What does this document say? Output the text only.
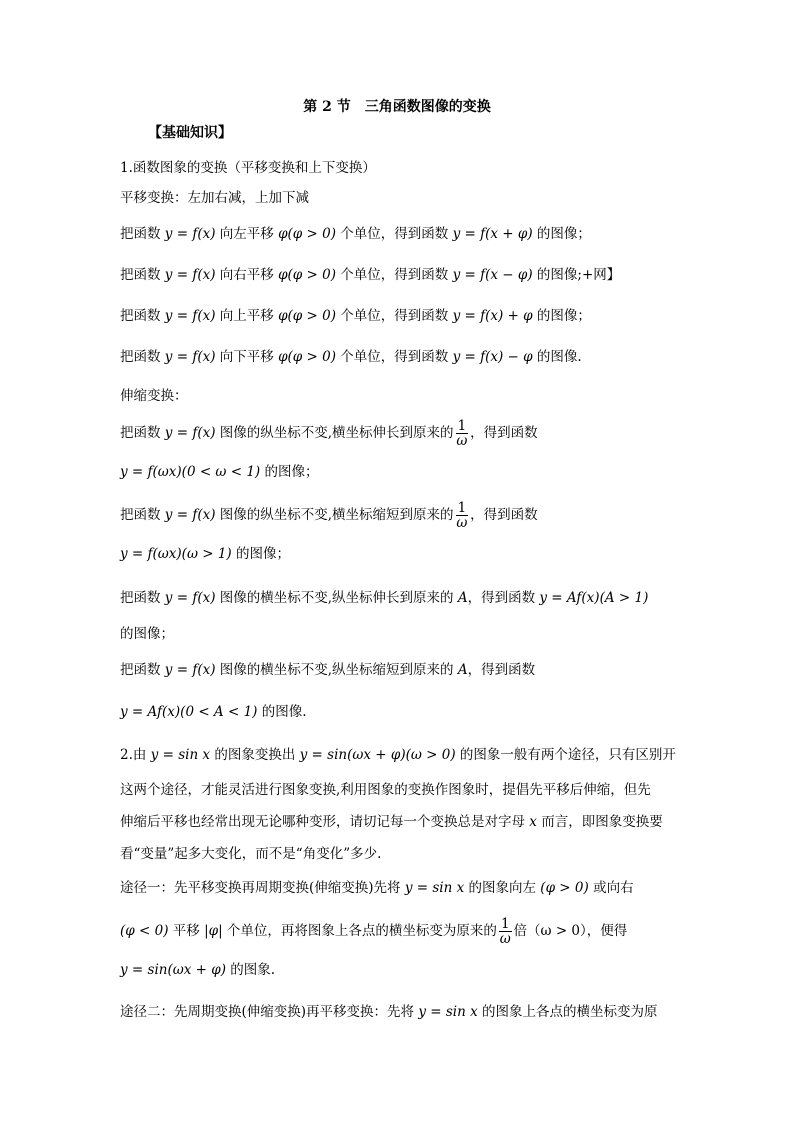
第 2 节　三角函数图像的变换
【基础知识】
1.函数图象的变换（平移变换和上下变换）
平移变换：左加右减，上加下减
把函数 y = f(x) 向左平移 φ(φ > 0) 个单位，得到函数 y = f(x + φ) 的图像；
把函数 y = f(x) 向右平移 φ(φ > 0) 个单位，得到函数 y = f(x − φ) 的图像;+网】
把函数 y = f(x) 向上平移 φ(φ > 0) 个单位，得到函数 y = f(x) + φ 的图像；
把函数 y = f(x) 向下平移 φ(φ > 0) 个单位，得到函数 y = f(x) − φ 的图像.
伸缩变换：
把函数 y = f(x) 图像的纵坐标不变,横坐标伸长到原来的 $\frac{1}{\omega}$ ，得到函数
y = f(ωx)(0 < ω < 1) 的图像；
把函数 y = f(x) 图像的纵坐标不变,横坐标缩短到原来的 $\frac{1}{\omega}$ ，得到函数
y = f(ωx)(ω > 1) 的图像；
把函数 y = f(x) 图像的横坐标不变,纵坐标伸长到原来的 A，得到函数 y = Af(x)(A > 1)
的图像；
把函数 y = f(x) 图像的横坐标不变,纵坐标缩短到原来的 A，得到函数
y = Af(x)(0 < A < 1) 的图像.
2.由 y = sin x 的图象变换出 y = sin(ωx + φ)(ω > 0) 的图象一般有两个途径，只有区别开
这两个途径，才能灵活进行图象变换,利用图象的变换作图象时，提倡先平移后伸缩，但先
伸缩后平移也经常出现无论哪种变形，请切记每一个变换总是对字母 x 而言，即图象变换要
看“变量”起多大变化，而不是“角变化”多少.
途径一：先平移变换再周期变换(伸缩变换)先将 y = sin x 的图象向左 (φ > 0) 或向右
(φ < 0) 平移 |φ| 个单位，再将图象上各点的横坐标变为原来的 $\frac{1}{\omega}$ 倍（ω > 0），便得
y = sin(ωx + φ) 的图象.
途径二：先周期变换(伸缩变换)再平移变换：先将 y = sin x 的图象上各点的横坐标变为原
